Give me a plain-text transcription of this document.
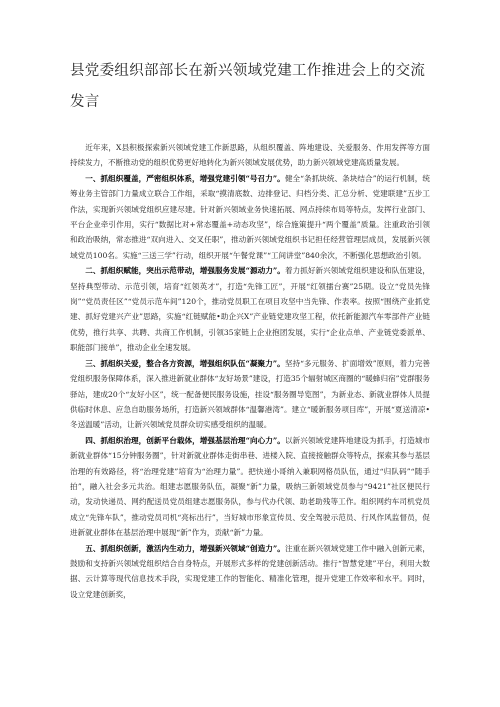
县党委组织部部长在新兴领域党建工作推进会上的交流发言

近年来，X县积极探索新兴领域党建工作新思路，从组织覆盖、阵地建设、关爱服务、作用发挥等方面持续发力，不断推动党的组织优势更好地转化为新兴领域发展优势，助力新兴领域党建高质量发展。

一、抓组织覆盖，严密组织体系，增强党建引领“号召力”。健全“条抓块统、条块结合”的运行机制，统筹业务主管部门力量成立联合工作组，采取“摸清底数、边排登记、归档分类、汇总分析、党建联建”五步工作法，实现新兴领域党组织应建尽建。针对新兴领域业务快速拓展、网点持续布局等特点，发挥行业部门、平台企业牵引作用，实行“数据比对+常态覆盖+动态攻坚”，综合施策提升“两个覆盖”质量。注重政治引领和政治吸纳，常态推进“双向进入、交叉任职”，推动新兴领域党组织书记担任经营管理层成员，发展新兴领域党员100名。实施“三送三学”行动，组织开展“午餐党课”“工间讲堂”840余次，不断强化思想政治引领。

二、抓组织赋能，突出示范带动，增强服务发展“源动力”。着力抓好新兴领域党组织建设和队伍建设，坚持典型带动、示范引领，培育“红领英才”，打造“先锋工匠”，开展“红领擂台赛”25期。设立“党员先锋岗”“党员责任区”“党员示范车间”120个，推动党员职工在项目攻坚中当先锋、作表率。按照“围绕产业抓党建、抓好党建兴产业”思路，实施“红链赋能•助企兴X”产业链党建攻坚工程，依托新能源汽车零部件产业链优势，推行共享、共聘、共商工作机制，引领35家链上企业抱团发展，实行“企业点单、产业链党委派单、职能部门接单”，推动企业全速发展。

三、抓组织关爱，整合各方资源，增强组织队伍“凝聚力”。坚持“多元服务、扩面增效”原则，着力完善党组织服务保障体系，深入推进新就业群体“友好场景”建设，打造35个辐射城区商圈的“暖蜂归宿”党群服务驿站，建成20个“友好小区”，统一配备便民服务设施，挂设“服务圈导览图”，为新业态、新就业群体人员提供临时休息、应急自助服务场所，打造新兴领域群体“温馨港湾”。建立“暖新服务项目库”，开展“夏送清凉•冬送温暖”活动，让新兴领域党员群众切实感受组织的温暖。

四、抓组织治理，创新平台载体，增强基层治理“向心力”。以新兴领域党建阵地建设为抓手，打造城市新就业群体“15分钟服务圈”，针对新就业群体走街串巷、进楼入院、直接接触群众等特点，探索其参与基层治理的有效路径，将“治理党建”培育为“治理力量”。把快递小哥纳入兼职网格员队伍，通过“归队码”“随手拍”，融入社会多元共治。组建志愿服务队伍，凝聚“新”力量，吸纳三新领域党员参与“9421”社区便民行动，发动快递员、网约配送员党员组建志愿服务队，参与代办代领、助老助残等工作。组织网约车司机党员成立“先锋车队”，推动党员司机“亮标出行”，当好城市形象宣传员、安全驾驶示范员、行风作风监督员，促进新就业群体在基层治理中展现“新”作为，贡献“新”力量。

五、抓组织创新，激活内生动力，增强新兴领域“创造力”。注重在新兴领域党建工作中融入创新元素，鼓励和支持新兴领域党组织结合自身特点，开展形式多样的党建创新活动。推行“智慧党建”平台，利用大数据、云计算等现代信息技术手段，实现党建工作的智能化、精准化管理，提升党建工作效率和水平。同时，设立党建创新奖，
